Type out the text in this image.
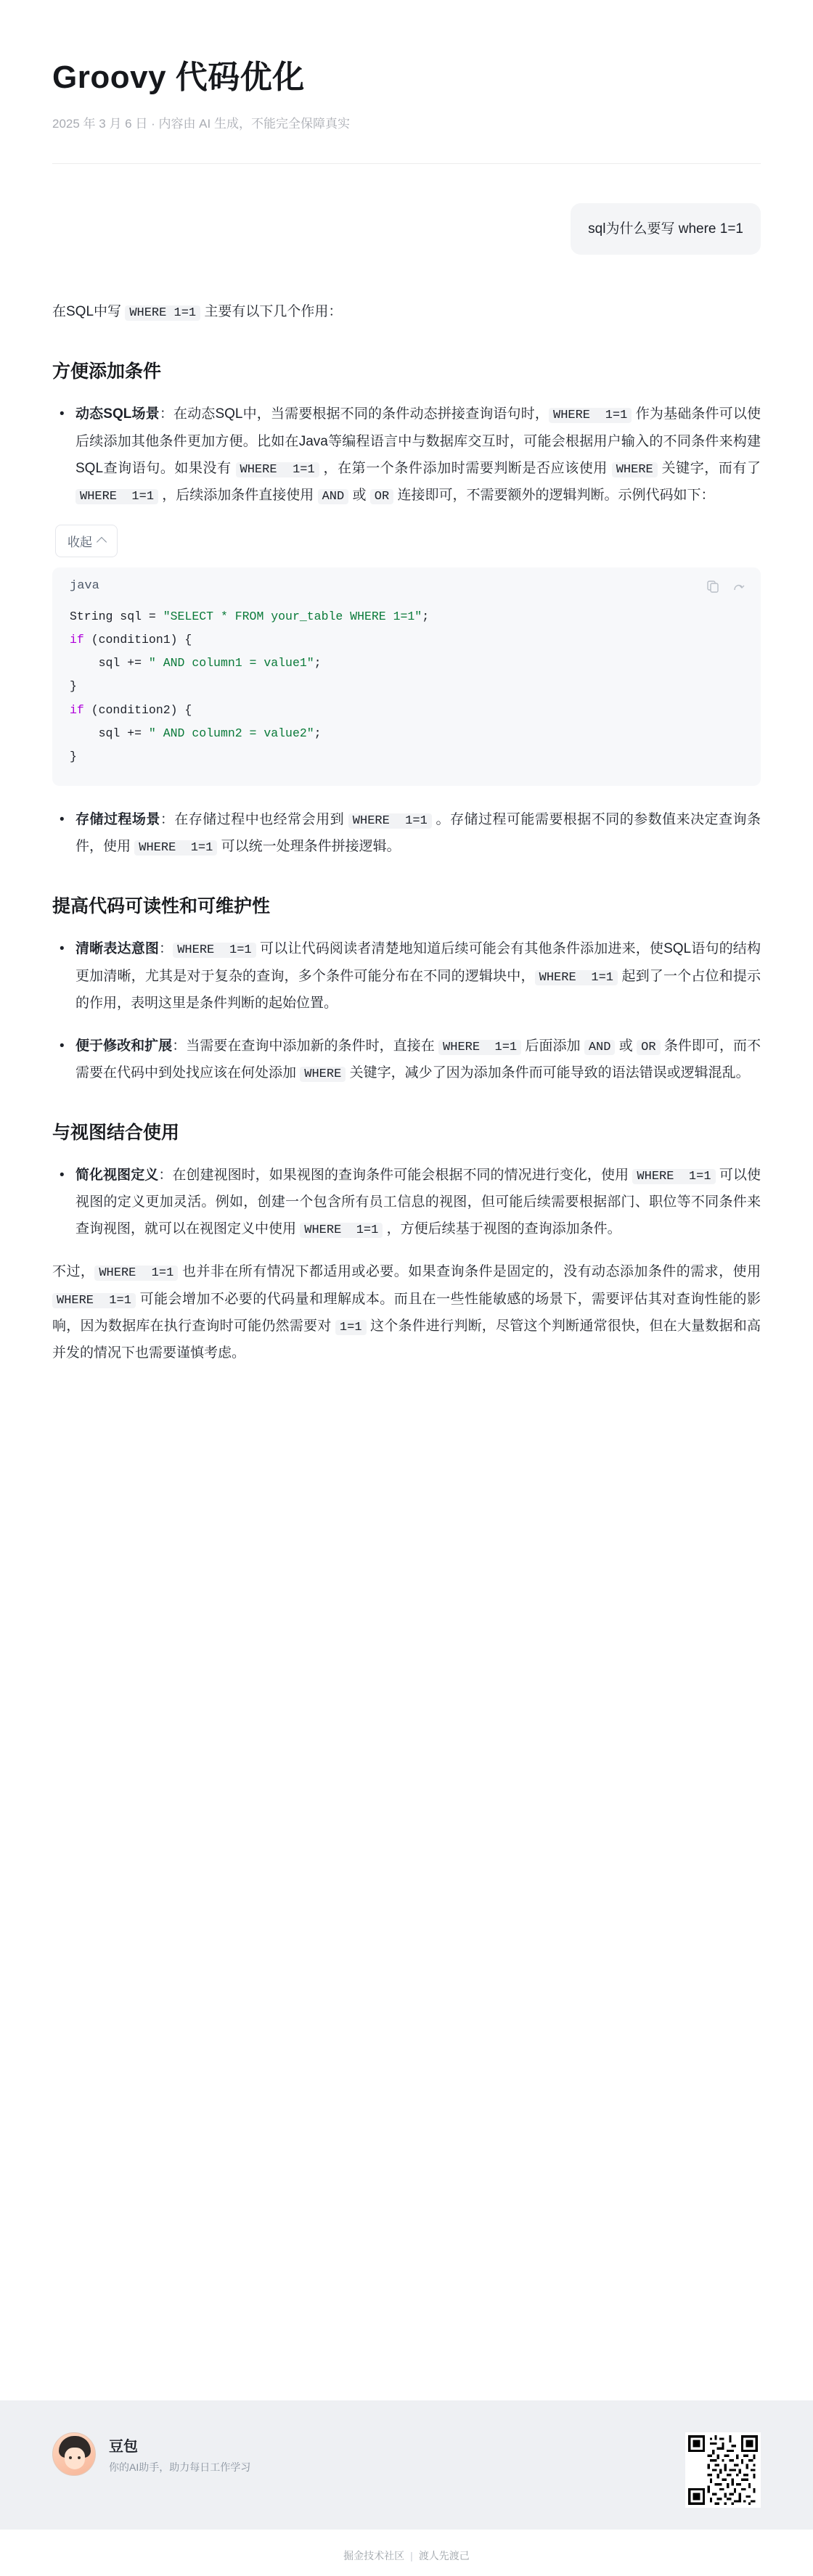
Groovy 代码优化
2025 年 3 月 6 日 · 内容由 AI 生成，不能完全保障真实
sql为什么要写 where 1=1

在SQL中写 WHERE 1=1 主要有以下几个作用：

方便添加条件
• 动态SQL场景：在动态SQL中，当需要根据不同的条件动态拼接查询语句时， WHERE  1=1 作为基础条件可以使后续添加其他条件更加方便。比如在Java等编程语言中与数据库交互时，可能会根据用户输入的不同条件来构建SQL查询语句。如果没有 WHERE  1=1 ，在第一个条件添加时需要判断是否应该使用 WHERE 关键字，而有了 WHERE  1=1 ，后续添加条件直接使用 AND 或 OR 连接即可，不需要额外的逻辑判断。示例代码如下：
收起
java
String sql = "SELECT * FROM your_table WHERE 1=1";
if (condition1) {
sql += " AND column1 = value1";
}
if (condition2) {
sql += " AND column2 = value2";
}
• 存储过程场景：在存储过程中也经常会用到 WHERE  1=1 。存储过程可能需要根据不同的参数值来决定查询条件，使用 WHERE  1=1 可以统一处理条件拼接逻辑。
提高代码可读性和可维护性
• 清晰表达意图： WHERE  1=1 可以让代码阅读者清楚地知道后续可能会有其他条件添加进来，使SQL语句的结构更加清晰，尤其是对于复杂的查询，多个条件可能分布在不同的逻辑块中， WHERE  1=1 起到了一个占位和提示的作用，表明这里是条件判断的起始位置。
• 便于修改和扩展：当需要在查询中添加新的条件时，直接在 WHERE  1=1 后面添加 AND 或 OR 条件即可，而不需要在代码中到处找应该在何处添加 WHERE 关键字，减少了因为添加条件而可能导致的语法错误或逻辑混乱。
与视图结合使用
• 简化视图定义：在创建视图时，如果视图的查询条件可能会根据不同的情况进行变化，使用 WHERE  1=1 可以使视图的定义更加灵活。例如，创建一个包含所有员工信息的视图，但可能后续需要根据部门、职位等不同条件来查询视图，就可以在视图定义中使用 WHERE  1=1 ，方便后续基于视图的查询添加条件。

不过， WHERE  1=1 也并非在所有情况下都适用或必要。如果查询条件是固定的，没有动态添加条件的需求，使用 WHERE  1=1 可能会增加不必要的代码量和理解成本。而且在一些性能敏感的场景下，需要评估其对查询性能的影响，因为数据库在执行查询时可能仍然需要对 1=1 这个条件进行判断，尽管这个判断通常很快，但在大量数据和高并发的情况下也需要谨慎考虑。

豆包
你的AI助手，助力每日工作学习
掘金技术社区 | 渡人先渡己
